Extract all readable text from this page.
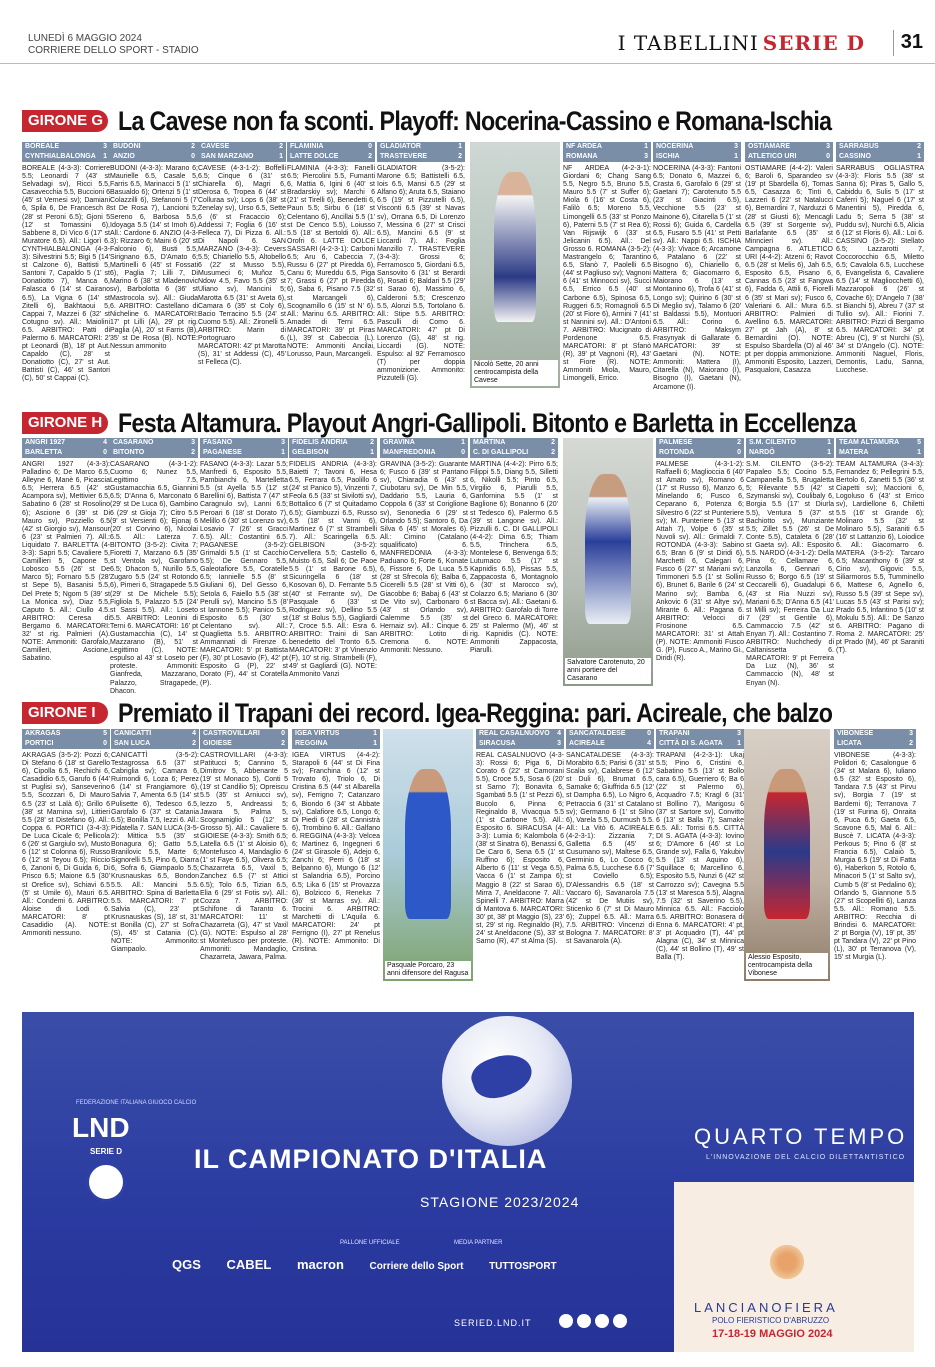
LUNEDÌ 6 MAGGIO 2024
CORRIERE DELLO SPORT - STADIO	I TABELLINI SERIE D 31
GIRONE G La Cavese non fa sconti. Playoff: Nocerina-Cassino e Romana-Ischia
GIRONE H Festa Altamura. Playout Angri-Gallipoli. Bitonto e Barletta in Eccellenza
GIRONE I Premiato il Trapani dei record. Igea-Reggina: pari. Acireale, che balzo
BOREALE	3
CYNTHIALBALONGA 1

BOREALE (4-3-3): Corriere 5.5; Leonardi 7 (43' st Selvadagi sv), Ricci 5.5, Casavecchia 5.5, Buccioni 6 (45' st Vernesi sv); Damiani 6, Spila 6, De Francesch 8 (28' st Peroni 6.5); Gjoni 5 (12' st Tomassini 6), Sabbene 8, Di Vico 6 (17' st Muratore 6.5). All.: Ligorì 6. CYNTHIALBALONGA (4-3-3): Silvestrini 5.5; Bigi 5 (14' st Calzone 6), Battisti 5, Santoni 7, Capaldo 5 (1' st Donatiotto 7), Manca 6, Falasca 6 (14' st Cairano 6.5), La Vigna 6 (14' st Zitelli 6), Bakhtaoui 5, Cappai 7, Mazzei 6 (32' st Cotugno sv). All.: Maiolini 6.5. ARBITRO: Patti di Palermo 6. MARCATORI: 2' pt Leonardi (B), 18' pt Aut. Capaldo (C), 28' st Donatiotto (C), 27' st Aut. Battisti (C), 46' st Santori (C), 50' st Cappai (C).

BUDONI	2
ANZIO	0

BUDONI (4-3-3): Marano 6; Maurielle 6.5, Casale 5, Farris 6.5, Marinacci 5 (1' st Basualdo 6); Ortenzi 5 (1' st Colazzilli 6), Stefanoni 5 (7' st De Rosa 7), Lancioni 5; Sereno 6, Barbosa 5.5, Idoyaga 5.5 (14' st Imoh 6). All.: Cardone 6. ANZIO (4-3-3): Rizzaro 6; Maini 6 (20' st Falconio 6), Busti 5.5, Sirignano 6.5, D'Amato 6; Martinelli 6 (45' st Fossati 6), Paglia 7; Lilli 7, Di Marino 6 (38' st Mladenovic sv), Barbolotta 6 (36' st Mastrocola sv). All.: Giuda 6. ARBITRO: Castellano di Nicheline 6. MARCATORI: 17' pt Lilli (A), 29' pt rig. Paglia (A), 20' st Farris (B), 35' st De Rosa (B). NOTE: Nessun ammonito

CAVESE	2
SAN MARZANO	1

CAVESE (4-3-1-2): Boffelli 6.5; Cinque 6 (31' st Chiarella 6), Magri 6, Derosa 6, Tropea 6 (44' st Colluraa sv); Lops 6 (38' st Zenelay sv), Urso 6.5, Sette 6 (6' st Fracaccio 6); Addessi 7; Foglia 6 (16' st Felleca 7), Di Pizza 6. All.: Di Napoli 6. SAN MARZANO (3-4-3): Cevers 5.5; Chiariello 5.5, Altobello 6 (22' st Musso 5.5), Musumeci 6; Muñoz 5, Ndow 4.5, Favo 5.5 (35' st Uliano sv), Mancini 5; Marotta 6.5 (31' st Aveta 6), Camara 6 (35' st Coly 6), Bacio Terracino 5.5 (24' st Cuomo 5.5). All.: Zironelli 5. ARBITRO: Marin di Portogruaro 6. MARCATORI: 42' pt Marotta (S), 31' st Addessi (C), 45' st Felleca (C).

FLAMINIA	0
LATTE DOLCE	2

FLAMINIA (4-3-3): Fanelli 6.5; Piercolini 5.5, Fumanti 6, Mattia 6, Igini 6 (40' st Bradarskiy sv); Marchi 6 (21' st Tirelli 6), Benedetti 6, Paun 5.5; Sirbu 6 (18' st Celentano 6), Ancillai 5.5 (1' st De Cenco 5.5), Loiusso 5.5 (18' st Bertoldi 6). All.: Orofri 6. LATTE DOLCE SASSARI (4-2-3-1): Carboni 6.5; Aru 6, Cabeccia 7, Russu 6 (27' pt Piredda 6), Canu 6; Mureddu 6.5, Piga 7; Grassi 6 (27' pt Piredda 6), Saba 6, Pisano 7.5 (32' st Marcangeli 6), Scognamillo 6 (15' st N' 6). All.: Marinu 6.5. ARBITRO: Amadei di Terni 6.5. MARCATORI: 39' pt Piras (L), 39' st Cabeccia (L). NOTE: Ammoniti Ancilai, Lorusso, Paun, Marcangeli.

GLADIATOR	1
TRASTEVERE	2

GLADIATOR (3-5-2): Marone 6.5; Battistelli 6.5, Iois 6.5, Mansi 6.5 (29' st Alfano 6); Aruta 6.5, Staiano 6.5 (19' st Pizzutelli 6.5), Visconti 6.5 (39' st Navas sv), Orrana 6.5, Di Lorenzo 7, Messina 6 (27' st Crisci 6.5), Mancini 6.5 (9' st Liccardi 7). All.: Foglia Manzillo 7. TRASTEVERE (3-4-3): Grossi 6; Ferramosco 5, Giordani 6.5, Sansovito 6 (31' st Berardi 6), Rosati 6; Baldari 5.5 (29' st Sarao 6), Massimo 6, Calderoni 5.5; Crescenzo 5.5, Alonzi 5.5, Tortolano 6. All.: Stipe 5.5. ARBITRO: Pasculli di Como 6. MARCATORI: 47' pt Di Lorenzo (G), 48' st rig. Liccardi (G). NOTE: Espulso: al 92' Ferramosco (T) per doppia ammonizione. Ammonito: Pizzutelli (G).

NF ARDEA	1
ROMANA	3

NF ARDEA (4-2-3-1): Giordani 6; Chang Sang 5.5, Negro 5.5, Bruno 5.5, Mauro 5.5 (7' st Suffer 6); Miola 6 (16' st Costa 6), Falilò 6.5; Moreno 5.5, Limongelli 6.5 (33' st Ponzo 6), Paterni 5.5 (7' st Rea 6); Van Rijswijk 6 (33' st Jelicanin 6.5). All.: Del Grosso 6. ROMANA (3-5-2): Mastrangelo 6; Tarantino 6.5, Sfanò 7, Paolelli 6.5 (44' st Pagliuso sv); Vagnoni 6 (41' st Minnocci sv), Succi 6.5, Errico 6.5 (40' st Carbone 6.5), Spinosa 6.5, Ruggeri 6.5; Romagnoli 6.5 (20' st Fiore 6), Armini 7 (41' st Nannini sv). All.: D'Antoni 7. ARBITRO: Mucignato di Pordenone 6.5. MARCATORI: 8' pt Sfanò (R), 39' pt Vagnoni (R), 43' st Fiore (R). NOTE: Ammoniti Miola, Mauro, Limongelli, Errico.

NOCERINA	3
ISCHIA	1

NOCERINA (4-3-3): Fantoni 6.5; Donato 6, Mazzei 6, Crasta 6, Garofalo 6 (29' st Gaetani 7); Carotenuto 5.5 (23' st Giacinti 6.5), Vecchione 5.5 (23' st Mainone 6), Citarella 5 (1' st Rossi 6); Guida 6, Cardella 6.5, Fusaro 5.5 (41' st Petti sv). All.: Nappi 6.5. ISCHIA (4-3-3): Vivace 6; Arcamone 6, Patalano 6 (22' st Bisogno 6), Chiariello 6, Mattera 6; Giacomarro 6, Maiorano 6 (13' st Montanino 6), Trofa 6 (41' st Longo sv); Quirino 6 (30' st Di Meglio sv), Talamo 6 (20' st Baldassi 5.5), Montuori 6.5. All.: Corino 6. ARBITRO: Maksym Frasynyak di Gallarate 6. MARCATORI: 39' st Gaetani (N). NOTE: Ammoniti: Mattera (I), Citarella (N), Maiorano (I), Bisogno (I), Gaetani (N), Arcamone (I).

OSTIAMARE	3
ATLETICO URI	0

OSTIAMARE (4-4-2): Valeri 6; Baroli 6, Sparandeo sv (19' pt Sbardella 6), Tomas 6.5, Casazza 6; Tinti 6, Lazzeri 6 (22' st Natalucci 6), Bernardini 7, Narduzzi 6 (28' st Giusti 6); Mencagli 6.5 (39' st Sorgente sv), Barlafante 6.5 (35' st Minncieri sv). All.: Campagna 6. ATLETICO URI (4-4-2): Atzeni 6; Ravot 6.5 (28' st Melis 6), Jah 6.5, Esposito 6.5, Pisano 6, Cannas 6.5 (23' st Fangwa 6), Fadda 6, Attili 6, Fiorelli 6 (35' st Mari sv); Fusco 6, Valeriani 6. All.: Mura 6.5. ARBITRO: Palmieri di Avellino 6.5. MARCATORI: 27' pt Jah (A), 8' st Bernardini (O). NOTE: Espulso Sbardella (O) al 46' pt per doppia ammonizione. Ammoniti Esposito, Lazzeri, Pasqualoni, Casazza

SARRABUS	2
CASSINO	1

SARRABUS OGLIASTRA (4-3-3): Floris 5.5 (38' st Sanna 6); Piras 5, Gallo 5, Cabiddu 6, Sulis 5 (17' st Caferri 5); Naguel 6 (17' st Manentini 5), Piredda 6, Ladu 5; Serra 5 (38' st Puddu sv), Nurchi 6.5, Alicia 6 (12' st Floris 6). All.: Loi 6. CASSINO (3-5-2): Stellato 6.5; Lazzarotti 7, Coccorocchio 6.5, Miletto 6.5; Cavalola 6.5, Lucchese 6, Evangelista 6, Cavaliere 6.5 (14' st Magliocchetti 6), Mazzaropoli 6 (26' st Covache 6); D'Angelo 7 (38' st Bianchi 5), Abreu 7 (37' st Tullio sv). All.: Fiorini 7. ARBITRO: Pizzi di Bergamo 6.5. MARCATORI: 34' pt Abreu (C), 9' st Nurchi (S), 34' st D'Angelo (C). NOTE: Ammoniti Naguel, Floris, Demontis, Ladu, Sanna, Lucchese.

ANGRI 1927	4
BARLETTA	0

ANGRI 1927 (4-3-3): Palladino 6; De Marco 6.5, Alleyne 6, Manè 6, Picascia 6.5; Herrera 6.5 (42' st Acampora sv), Mettivier 6.5, Sabatino 6 (28' st Rosolino 6); Ascione 6 (39' st Di Mauro sv), Pozziello 6.5 (42' st Giorgio sv), Mansour 6 (23' st Palmieri 7). All.: Liquidato 7. BARLETTA (4-3-3): Sapri 5.5; Cavaliere 5, Camillieri 5, Capone 5, Lobosco 5.5 (26' st De Marco 5); Fornaro 5.5 (28' st Sepe 5), Basanisi 5.5, Del Prete 5; Ngom 5 (39' st La Monica sv), Diaz 5.5, Caputo 5. All.: Ciullo 4.5. ARBITRO: Ceresa di Bergamo 6. MARCATORI: 32' st rig. Palmieri (A). NOTE: Ammoniti: Garofalo, Camilleri, Ascione, Sabatino.

CASARANO	3
BITONTO	2

CASARANO (4-3-1-2): Cuomo 6; Nunez 5.5, Legittimo 7.5, Gustamacchia 6.5, Giannini 6.5; D'Anna 6, Marconato 6 (29' st De Luca 6), Gambino 6 (29' st Gioja 7); Citro 5.5 (9' st Versienti 6); Ejonaj 6 (20' st Corvino 6), Nicolai 6.5. All.: Laterza 7. BITONTO (3-5-2): Civita 7; Fioretti 7, Marzano 6.5 (35' st Ventola sv), Garofano 6.5; Dhacon 5, Nurillo 5.5, Zugaro 5.5 (24' st Rotondo 6), Pimeri 6, Stragapede 5.5 (29' st De Michele 5.5); Figliola 5, Palazzo 5.5 (24' st Sassi 5.5). All.: Loseto 5.5. ARBITRO: Leonini di Terni 6. MARCATORI: 16' pt Gustamacchia (C), 14' st Mazzarano (B), 51' st Legittimo (C). NOTE: espulso al 43' st Loseto per proteste. Ammoniti: Gianfreda, Mazzarano, Palazzo, Stragapede, Dhacon.

FASANO	3
PAGANESE	1

FASANO (4-3-3): Lazar 5.5; Manfredi 6, Esposito 5.5, Pambianchi 6, Martelletta 5.5 (st Ayella 5.5 (12' st Barellini 6), Battista 7 (47' st Caragnulo sv), Lanni 6.5; Peroari 6 (18' st Dorato 7), Melillo 6 (30' st Lorenzo sv), Losavio 7 (26' st Gracci 6.5). All.: Costantini 6.5. PAGANESE (3-5-2): Grimaldi 5.5 (1' st Cacchio 5.5); De Gennaro 5.5, Galeotafiore 5.5, Coratelle 6.5; Iannielle 5.5 (8' st Giuliani 6), Del Gesso 6, Setola 6, Faiello 5.5 (38' st Perulli sv), Mancino 5.5 (8' st Iannone 5.5); Panico 5.5, Esposito 6.5 (30' st Celentano sv). All.: Quaglietta 5.5. ARBITRO: Ammannati di Firenze 6. MARCATORI: 5' pt Battista (F), 30' pt Losavio (F), 42' pt Esposito G (P), 22' st Dorato (F), 44' st Coratella (P).

FIDELIS ANDRIA	2
GELBISON	1

FIDELIS ANDRIA (4-3-3): Baietti 7; Tavoni 6, Hesa 6.5, Ferrara 6.5, Paolillo 6 (24' st Panico 5), Vinzenti 7, Feola 6.5 (33' st Sivilotti sv), Bottalico 6 (7' st Quitadamo 6.5); Giambuzzi 6.5, Russo 6.5 (18' st Vanni 6), Martinez 6 (7' st Strambelli 7). All.: Scaringella 6.5. GELBISON (3-5-2): Cervellera 5.5; Castello 6, Muisto 6.5, Sall 6; De Paoe 5.5 (1' st Barone 6.5), Sicuringella 6 (18' st Kosovan 6), D. Ferrante 5.5 (40' st Ferrante sv), De Pasquale 6 (33' st Rodriguez sv), Dellino 5.5 (18' st Bolus 5.5), Gagliardi 7, Croce 5.5. All.: Esra 6. ARBITRO: Traini di San benedetto del Tronto 6.5. MARCATORI: 3' pt Vinenzio (F), 10' st rig. Strambelli (F), 49' st Gagliardi (G). NOTE: Ammonito Vanzi

GRAVINA	1
MANFREDONIA	0

GRAVINA (3-5-2): Guarante 6; Fusco 6 (39' st Pantano sv), Chiaradia 6 (43' st Ciubotaru sv), De Min 5.5, Daddario 5.5, Lauria 6, Coppola 6 (33' st Coriglione sv), Senonedia 6 (29' st Orlando 5.5); Santoro 6, Da Silva 6 (45' st Morales 6). All.: Cimino (Catalano squalificato) 6. MANFREDONIA (4-3-3): Paduano 6; Forte 6, Konate 6, Fissore 6, De Luca 5.5 (28' st Sfrecola 6); Balba 6, Cicerelli 5.5 (28' st Vitti 6), Giacobbe 6; Babaj 6 (43' st De Vito sv), Carbonaro 6 (43' st Orlando sv), Calemme 5.5 (35' st Hernaiz sv). All.: Cinque 6. ARBITRO: Lotito di Cremona 6. NOTE: Ammoniti: Nessuno.

MARTINA	2
C. DI GALLIPOLI	2

MARTINA (4-4-2): Pirro 6.5; Filippi 5.5, Diang 5.5, Silletti 6, Nikolli 5.5; Pinto 6.5, Virgilio 6, Piarulli 5.5, Ganfornina 5.5 (1' st Baglione 6); Bonanno 6 (20' st Tedesco 6), Palermo 6.5 (39' st Langone sv). All.: Pizzulli 6. C. DI GALLIPOLI (4-4-2): Dima 6.5; Thiam 5.5, Trinchera 6.5, Montelese 6, Benvenga 6.5; Lutumaco 5.5 (17' st Kapnidis 6.5), Pissas 5.5, Zappacosta 6, Montagnolo 6 (30' st Marocco sv), Colazzo 6.5; Mariano 6 (30' st Bacca sv). All.: Gaetani 6. ARBITRO: Garofalo di Torre del Greco 6. MARCATORI: 25' st Palermo (M), 46' st rig. Kapnidis (C). NOTE: Ammoniti Zappacosta, Piarulli.

PALMESE	2
ROTONDA	0

PALMESE (4-3-1-2): Raffaelli 6; Maglioccia 6 (40' st Amato sv), Romano 6 (17' st Russo 6), Manzo 6, Minelando 6; Fusco 6, Ceparano 6, Potenza 6; Silvestro 6 (22' st Punteriere sv); M. Punteriere 5 (13' st Attah 7), Volpe 6 (35' st Nuvoli sv). All.: Grimaldi 7. ROTONDA (4-3-3): Sabino 6.5; Bran 6 (9' st Diridi 6), Marchetti 6, Calegari 6, Fusco 6 (27' st Mariani sv); Timmoneri 5.5 (1' st Sollini 6), Brunet 6, Barile 6 (24' st Marino sv); Bamba 6, Ankovic 6 (31' st Altye sv), Mirante 6. All.: Pagana 6. ARBITRO: Velocci di Frosinone 6.5. MARCATORI: 31' st Attah (P). NOTE: Ammoniti Fusco G. (P), Fusco A., Marino Gi., Diridi (R).

S.M. CILENTO	1
NARDÒ	1

S.M. CILENTO (3-5-2): Papaleo 5.5; Cocino 5.5, Campanella 5.5, Brugaletta 5; Rilevante 5.5 (42' st Szymanski sv), Coulibaly 6, Borgia 5.5 (17' st Diurla 5.5), Ventura 5 (37' st Bachiotto sv), Munziante 5.5; Zillet 5.5 (26' st De Conte 5.5), Cataleta 6 (28' st Gaeta sv). All.: Esposito 5.5. NARDÒ (4-3-1-2): Della Pina 6; Cellamare 6, Lanzolla 6, Gennari 6, Russo 6; Borgo 6.5 (19' st Ceccarelli 6), Guadalupi 6 (43' st Ria Nuzzi sv), Mariani 6.5; D'Anna 6.5 (41' st Milli sv); Ferreira Da Luz 7 (29' st Gentile 6), Cammaccio 7.5 (42' st Enyan 7). All.: Costantino 7. ARBITRO: Nuchchedy di Caltanissetta 6. MARCATORI: 9' pt Ferreira Da Luz (N), 36' st Cammaccio (N), 48' st Enyan (N).

TEAM ALTAMURA	5
MATERA	1

TEAM ALTAMURA (3-4-3): Fernandez 6; Pellegrini 5.5, Bertolo 6, Zanetti 5.5 (36' st Ciapetti sv); Maccioni 6, Logoluso 6 (43' st Errico sv), Lardiellone 6, Chiletti 5.5 (16' st Grande 6); Molinaro 5.5 (32' st Molinaro 5.5), Saraniti 6.5 (16' st Lattanzio 6), Loiodice 6. All.: Giacomarro 6. MATERA (3-5-2): Tarcaro 6.5; Macanthony 6 (39' st Cirio sv), Gigovic 5.5, Siliarmoros 5.5, Tumminello 6, Mattese 6, Agnello 6, Russo 5.5 (39' st Sepe sv), Lucas 5.5 (43' st Parisi sv); Prado 6.5, Infantino 5 (10' st Mokulu 5.5). All.: De Sanzo 6. ARBITRO: Pagano di Roma 2. MARCATORI: 25' pt Prado (M), 46' pt Saraniti (T).

AKRAGAS	5
PORTICI	0

AKRAGAS (3-5-2): Pozzi 6; Di Stefano 6 (18' st Garello 6), Cipolla 6.5, Rechichi 6, Casadidio 6.5, Garufo 6 (44' st Puglisi sv), Sanseverino 5.5, Scozzari 6, Di Mauro 6.5 (23' st Lalà 6); Grillo 6 (38' st Marnina sv), Littieri 5.5 (28' st Distefano 6). All.: Coppa 6. PORTICI (3-4-3): De Luca Cicale 6; Pellicola 6 (26' st Gargiulo sv), Musto 6 (12' st Colonna 6), Russo 6 (12' st Teyou 6.5); Riccio 6, Zanoni 6, Di Guida 6, Di Prisco 6.5; Maione 6.5 (30' st Orefice sv), Schiavi 6.5 (5' st Umile 6), Mauri 6.5. All.: Condemi 6. ARBITRO: Aloise di Lodi 6. MARCATORI: 8' pt Casadidio (A). NOTE: Ammoniti nessuno.

CANICATTÌ	4
SAN LUCA	2

CANICATTÌ (3-5-2): Testagrossa 6.5 (37' st Cabriglia sv); Camara 6, Ruimondi 6, Loza 6; Perez 6 (14' st Frangiamore 6), Salvia 7, Amenta 6.5 (14' st Pulisette 6), Tedesco 6.5, Garofalo 6 (37' st Catania 6.5); Bonilla 7.5, Iezzi 6. All.: Pidatella 7. SAN LUCA (3-5-2): Mittica 5.5 (35' st Bonagura 6); Gatto 5.5, Branilovic 5.5, Marte 6; Signorelli 5.5, Pino 6, Diarra 6, Sofra 6, Giampaolo 5.5; Krusnauskas 6.5, Bondon 5.5. All.: Mancini 5.5. ARBITRO: Spina di Barletta 5.5. MARCATORI: 7' pt Salvia (C), 23' pt Krusnauskas (S), 18' st, 31' st Bonilla (C), 27' st Sofra (S), 45' st Catania (C). NOTE: Ammonito: Giampaolo.

CASTROVILLARI	0
GIOIESE	2

CASTROVILLARI (4-3-3): Patitucci 5; Cannino 5, Dimitrov 5, Abbenante 5 (19' st Monaco 5), Conti 5 (19' st Candilio 5); Opreiscu 5.5 (35' st Arniucci sv), Iezzo 5, Andreassi 5; Jawara 5, Palma 5, Scognamiglio 5 (12' st Grosso 5). All.: Cavaliere 5. GIOIESE (4-3-3): Smith 6.5; Latella 6.5 (1' st Aloisio 6), Montefusco 4, Mandaglio 6 (1' st Faye 6.5), Olivera 6.5; Chazarreta 6.5, Vaxil 5, Zanchez 6.5 (7' st Attici 6.5); Tolo 6.5, Tizian 6.5, Elia 6 (29' st Fotis sv). All.: Cozza 7. ARBITRO: Schifone di Taranto 6. MARCATORI: 11' st Chazarreta (G), 47' st Vaxil (G). NOTE: Espulso al 28' st Montefusco per proteste. Ammoniti: Mandaglio, Chazarreta, Jawara, Palma.

IGEA VIRTUS	1
REGGINA	1

IGEA VIRTUS (4-4-2): Starapoli 6 (44' st Di Fina sv); Franchina 6 (12' st Trovato 6), Triolo 6, Di Cristina 6.5 (44' st Albarella sv), Ferrigno 7; Catanzaro 6, Biondo 6 (34' st Abbate sv), Calafiore 6.5, Longo 6; Di Piedi 6 (28' st Cannistrà 6), Trombino 6. All.: Galfano 6. REGGINA (4-3-3): Velcea 6; Martinez 6, Ingegneri 6 (24' st Girasole 6), Adejo 6, Zanchi 6; Perri 6 (18' st Belpanno 6), Mungo 6 (12' st Salandria 6.5), Porcino 6.5; Lika 6 (15' st Provazza 6), Bolzicco 6, Renelus 7 (36' st Marras sv). All.: Trocini 6. ARBITRO: Marchetti di L'Aquila 6. MARCATORI: 24' pt Ferrigno (I), 27' pt Renelus (R). NOTE: Ammonito: Di Cristina.

REAL CASALNUOVO 4
SIRACUSA	3

REAL CASALNUOVO (4-3-3): Rossi 6; Piga 6, Di Corato 6 (22' st Camorani 5.5), Croce 5.5, Sosa 6 (20' st Sarno 7); Bonavita 6, Sgambati 5.5 (1' st Pezzi 6), Bucolo 6, Pinna 6; Reginaldo 8, Vivacqua 5.5 (1' st Carbone 5.5). All.: Esposito 6. SIRACUSA (4-3-3): Lumia 6; Kalombola 6 (38' st Sinatra 6), Benassi 6, De Caro 6, Sena 6.5 (1' st Ruffino 6); Esposito 6, Alberto 6 (11' st Vega 6.5), Vacca 6 (1' st Zampa 6); Maggio 8 (22' st Sarao 6), Mirra 7, Aneldacone 7. All.: Spinelli 7. ARBITRO: Marra di Mantova 6. MARCATORI: 30' pt, 38' pt Maggio (S), 23' st, 29' st rig. Reginaldo (R), 24' st Aneldacone (S), 33' st Sarno (R), 47' st Alma (S).

SANCATALDESE	0
ACIREALE	4

SANCATALDESE (4-3-3): Morabito 6.5; Parisi 6 (31' st Scalia sv), Calabrese 6 (12' st Duli 6), Brumat 6.5, Samake 6; Giuffrida 6.5 (12' st Dampha 6.5), Lo Nigro 6, Petraccia 6 (31' st Catalano sv); Germano 6 (1' st Silno 6), Varela 5.5, Durmush 5.5. All.: La Vitò 6. ACIREALE (4-2-3-1): Zizzania 7; Galletta 6.5 (45' st Cusumano sv), Maltese 6.5, Germinio 6, Lo Cocco 6; Palma 6.5, Lucchese 6.6 (7' st Coviello 6.5); D'Alessandris 6.5 (18' st Vaccaro 6), Savanarola 7.5 (42' st De Mutiis sv), Sticenko 6 (7' st Di Mauro 6); Zuppel 6.5. All.: Marra 7.5. ARBITRO: Vincenzi di Bologna 7. MARCATORI: 8' st Savanarola (A).

TRAPANI	3
CITTÀ DI S. AGATA 1

TRAPANI (4-2-3-1): Ukaj 5.5; Pino 6, Cristini 6, Sabatino 5.5 (13' st Bollo cara 6.5), Guerriero 6; Ba 6 (22' st Palermo 6), Acquadro 7.5; Kragl 6 (31' st Bollino 7), Marigosu 6 (37' st Sartore sv), Convitto 6 (13' st Balla 7); Samake 6.5. All.: Torrisi 6.5. CITTÀ DI S. AGATA (4-3-3): Iovino 6; D'Amore 6 (46' st Lo Grande sv), Falla 6, Yakubiv 5.5 (13' st Aquino 6), Squillace 6; Marcellino 6, Esposito 5.5, Nunzi 6 (42' st Carrozzo sv); Cavegna 5.5 (13' st Maresca 5.5), Alagna 7.5 (32' st Saverino 5.5), Minnica 6.5. All.: Facciolo 6.5. ARBITRO: Bonasera di Enna 6. MARCATORI: 4' pt, 3' pt Acquadro (T), 44' pt Alagna (C), 34' st Minnica (C), 44' st Bollino (T), 49' st Balla (T).

VIBONESE	3
LICATA	2

VIBONESE (4-3-3): Polidori 6; Casalongue 6 (34' st Malara 6), Iuliano 6.5 (32' st Esposito 6), Tandara 7.5 (43' st Pirvu sv), Borgia 7 (19' st Bardemi 6); Terranova 7 (19' st Furina 6), Onraita 6, Puca 6.5; Gaeta 6.5, Scavone 6.5, Mal 6. All.: Buscè 7. LICATA (4-3-3): Perkous 5; Pino 6 (8' st Francia 6.5), Calaiò 5, Murgia 6.5 (19' st Di Fatta 6), Haberkon 5, Rotolo 6, Minacori 5 (1' st Salto sv), Cumb 5 (8' st Pedalino 6); Orlando 5, Giannone 5.5 (27' st Scopelliti 6), Lanza 5.5. All.: Romano 5.5. ARBITRO: Recchia di Brindisi 6. MARCATORI: 2' pt Borgia (V), 19' pt, 35' pt Tandara (V), 22' pt Pino (L), 30' pt Terranova (V), 15' st Murgia (L).

Nicolò Sette, 20 anni centrocampista della Cavese
Salvatore Carotenuto, 20 anni portiere del Casarano
Pasquale Porcaro, 23 anni difensore del Ragusa
Alessio Esposito, centrocampista della Vibonese
FEDERAZIONE ITALIANA GIUOCO CALCIO
LND
SERIE D	IL CAMPIONATO D'ITALIA
STAGIONE 2023/2024
QUARTO TEMPO
L'INNOVAZIONE DEL CALCIO DILETTANTISTICO
LANCIANOFIERA
POLO FIERISTICO D'ABRUZZO
17-18-19 MAGGIO 2024
PALLONE UFFICIALE	MEDIA PARTNER
QGS CABEL macron	Corriere dello Sport	TUTTOSPORT
SERIED.LND.IT
